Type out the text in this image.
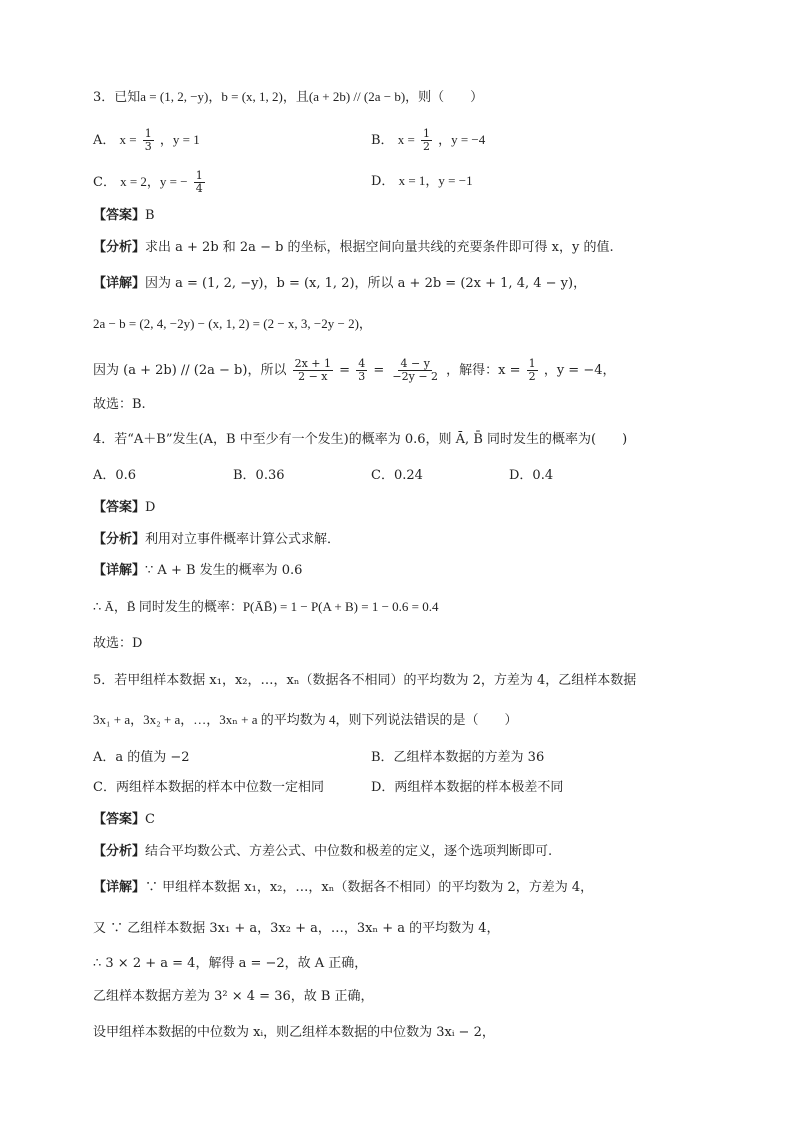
3．已知a = (1, 2, −y)，b = (x, 1, 2)，且(a + 2b) // (2a − b)，则（　　）
A． $x = \frac{1}{3}$ ，y = 1	B． $x = \frac{1}{2}$ ，y = −4
C． x = 2，y = − $\frac{1}{4}$	D． x = 1，y = −1
【答案】B
【分析】求出 a + 2b 和 2a − b 的坐标，根据空间向量共线的充要条件即可得 x，y 的值.
【详解】因为 a = (1, 2, −y)，b = (x, 1, 2)，所以 a + 2b = (2x + 1, 4, 4 − y)，
2a − b = (2, 4, −2y) − (x, 1, 2) = (2 − x, 3, −2y − 2)，
因为 (a + 2b) // (2a − b)，所以 $\frac{2x + 1}{2 - x} = \frac{4}{3} = \frac{4 - y}{-2y - 2}$ ，解得：$x = \frac{1}{2}$ ，y = −4，
故选：B.
4．若“A＋B”发生(A，B 中至少有一个发生)的概率为 0.6，则 Ā, B̄ 同时发生的概率为(　　)
A．0.6	B．0.36	C．0.24	D．0.4
【答案】D
【分析】利用对立事件概率计算公式求解．
【详解】∵ A + B 发生的概率为 0.6
∴ Ā，B̄ 同时发生的概率：P(ĀB̄) = 1 − P(A + B) = 1 − 0.6 = 0.4
故选：D
5．若甲组样本数据 x₁，x₂，…，xₙ（数据各不相同）的平均数为 2，方差为 4，乙组样本数据
3x₁ + a，3x₂ + a，…，3xₙ + a 的平均数为 4，则下列说法错误的是（　　）
A．a 的值为 −2	B．乙组样本数据的方差为 36
C．两组样本数据的样本中位数一定相同	D．两组样本数据的样本极差不同
【答案】C
【分析】结合平均数公式、方差公式、中位数和极差的定义，逐个选项判断即可.
【详解】∵ 甲组样本数据 x₁，x₂，…，xₙ（数据各不相同）的平均数为 2，方差为 4，
又 ∵ 乙组样本数据 3x₁ + a，3x₂ + a，…，3xₙ + a 的平均数为 4，
∴ 3 × 2 + a = 4，解得 a = −2，故 A 正确，
乙组样本数据方差为 3² × 4 = 36，故 B 正确，
设甲组样本数据的中位数为 xᵢ，则乙组样本数据的中位数为 3xᵢ − 2，
